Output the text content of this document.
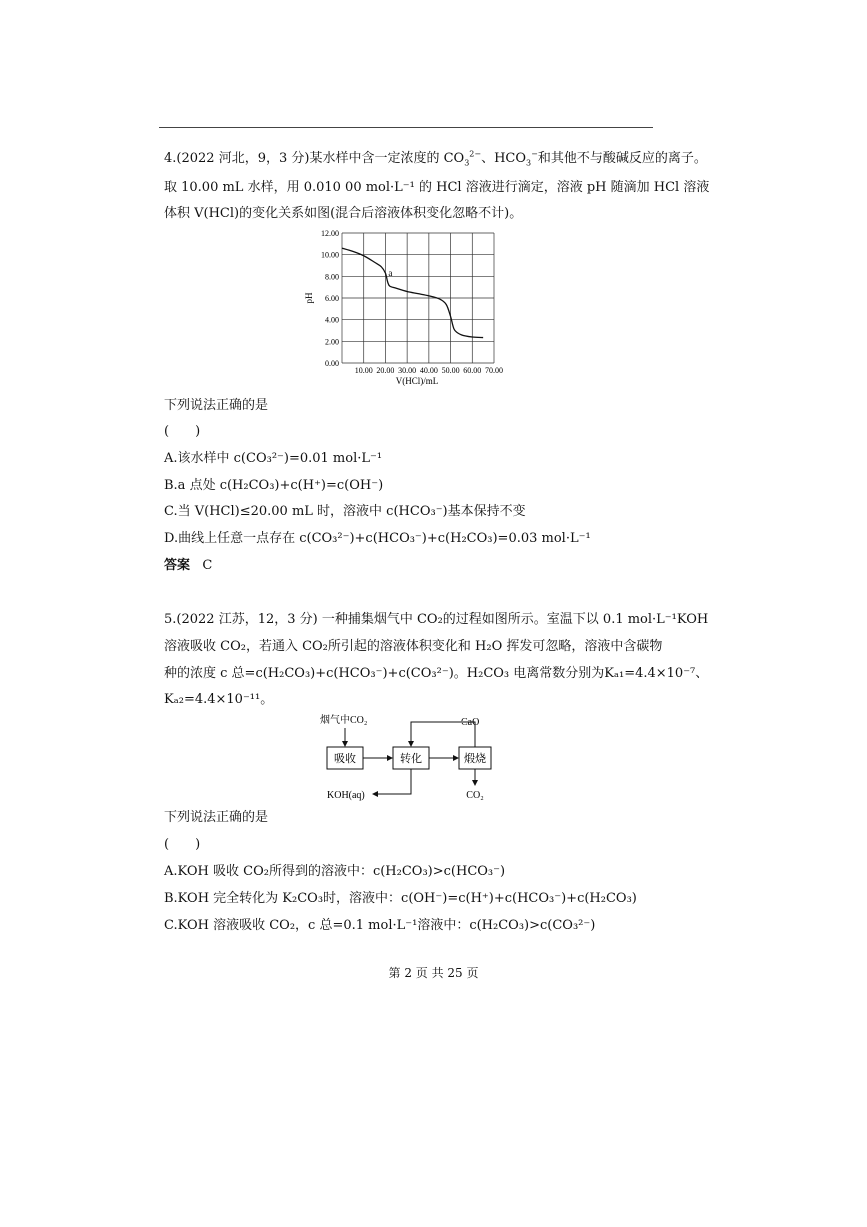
4.(2022 河北，9，3 分)某水样中含一定浓度的 $CO_3^{2-}$、$HCO_3^-$和其他不与酸碱反应的离子。
取 10.00 mL 水样，用 0.010 00 mol·L⁻¹ 的 HCl 溶液进行滴定，溶液 pH 随滴加 HCl 溶液
体积 V(HCl)的变化关系如图(混合后溶液体积变化忽略不计)。
0.00
2.00
4.00
6.00
8.00
10.00
12.00
10.00 20.00 30.00 40.00 50.00 60.00 70.00
pH
V(HCl)/mL
a
下列说法正确的是
(　　)
A.该水样中 c(CO₃²⁻)=0.01 mol·L⁻¹
B.a 点处 c(H₂CO₃)+c(H⁺)=c(OH⁻)
C.当 V(HCl)≤20.00 mL 时，溶液中 c(HCO₃⁻)基本保持不变
D.曲线上任意一点存在 c(CO₃²⁻)+c(HCO₃⁻)+c(H₂CO₃)=0.03 mol·L⁻¹
答案 C
5.(2022 江苏，12，3 分) 一种捕集烟气中 CO₂的过程如图所示。室温下以 0.1 mol·L⁻¹KOH
溶液吸收 CO₂，若通入 CO₂所引起的溶液体积变化和 H₂O 挥发可忽略，溶液中含碳物
种的浓度 c 总=c(H₂CO₃)+c(HCO₃⁻)+c(CO₃²⁻)。H₂CO₃ 电离常数分别为Kₐ₁=4.4×10⁻⁷、
Kₐ₂=4.4×10⁻¹¹。
烟气中CO₂
吸收	转化	煅烧
CaO
KOH(aq)	CO₂
下列说法正确的是
(　　)
A.KOH 吸收 CO₂所得到的溶液中：c(H₂CO₃)>c(HCO₃⁻)
B.KOH 完全转化为 K₂CO₃时，溶液中：c(OH⁻)=c(H⁺)+c(HCO₃⁻)+c(H₂CO₃)
C.KOH 溶液吸收 CO₂，c 总=0.1 mol·L⁻¹溶液中：c(H₂CO₃)>c(CO₃²⁻)
第 2 页 共 25 页
